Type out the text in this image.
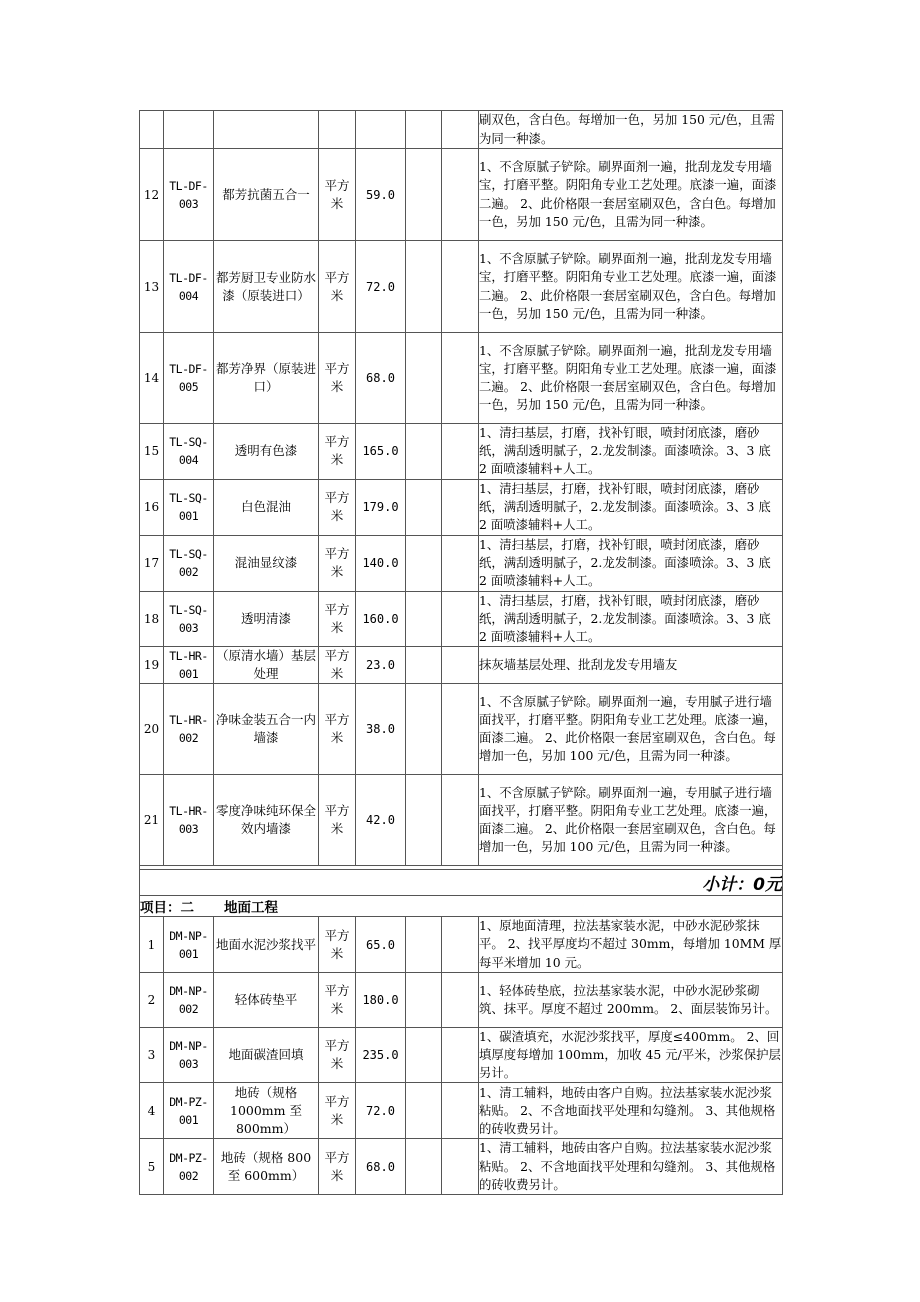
							刷双色，含白色。每增加一色，另加 150 元/色，且需为同一种漆。
12	TL-DF-003	都芳抗菌五合一	平方米	59.0			1、不含原腻子铲除。刷界面剂一遍，批刮龙发专用墙宝，打磨平整。阴阳角专业工艺处理。底漆一遍，面漆二遍。 2、此价格限一套居室刷双色，含白色。每增加一色，另加 150 元/色，且需为同一种漆。
13	TL-DF-004	都芳厨卫专业防水漆（原装进口）	平方米	72.0			1、不含原腻子铲除。刷界面剂一遍，批刮龙发专用墙宝，打磨平整。阴阳角专业工艺处理。底漆一遍，面漆二遍。 2、此价格限一套居室刷双色，含白色。每增加一色，另加 150 元/色，且需为同一种漆。
14	TL-DF-005	都芳净界（原装进口）	平方米	68.0			1、不含原腻子铲除。刷界面剂一遍，批刮龙发专用墙宝，打磨平整。阴阳角专业工艺处理。底漆一遍，面漆二遍。 2、此价格限一套居室刷双色，含白色。每增加一色，另加 150 元/色，且需为同一种漆。
15	TL-SQ-004	透明有色漆	平方米	165.0			1、清扫基层，打磨，找补钉眼，喷封闭底漆，磨砂纸，满刮透明腻子，2.龙发制漆。面漆喷涂。3、3 底 2 面喷漆辅料+人工。
16	TL-SQ-001	白色混油	平方米	179.0			1、清扫基层，打磨，找补钉眼，喷封闭底漆，磨砂纸，满刮透明腻子，2.龙发制漆。面漆喷涂。3、3 底 2 面喷漆辅料+人工。
17	TL-SQ-002	混油显纹漆	平方米	140.0			1、清扫基层，打磨，找补钉眼，喷封闭底漆，磨砂纸，满刮透明腻子，2.龙发制漆。面漆喷涂。3、3 底 2 面喷漆辅料+人工。
18	TL-SQ-003	透明清漆	平方米	160.0			1、清扫基层，打磨，找补钉眼，喷封闭底漆，磨砂纸，满刮透明腻子，2.龙发制漆。面漆喷涂。3、3 底 2 面喷漆辅料+人工。
19	TL-HR-001	（原清水墙）基层处理	平方米	23.0			抹灰墙基层处理、批刮龙发专用墙友
20	TL-HR-002	净味金装五合一内墙漆	平方米	38.0			1、不含原腻子铲除。刷界面剂一遍，专用腻子进行墙面找平，打磨平整。阴阳角专业工艺处理。底漆一遍，面漆二遍。 2、此价格限一套居室刷双色，含白色。每增加一色，另加 100 元/色，且需为同一种漆。
21	TL-HR-003	零度净味纯环保全效内墙漆	平方米	42.0			1、不含原腻子铲除。刷界面剂一遍，专用腻子进行墙面找平，打磨平整。阴阳角专业工艺处理。底漆一遍，面漆二遍。 2、此价格限一套居室刷双色，含白色。每增加一色，另加 100 元/色，且需为同一种漆。

小计：0元							
项目：二 地面工程							
1	DM-NP-001	地面水泥沙浆找平	平方米	65.0			1、原地面清理，拉法基家装水泥，中砂水泥砂浆抹平。 2、找平厚度均不超过 30mm，每增加 10MM 厚每平米增加 10 元。
2	DM-NP-002	轻体砖垫平	平方米	180.0			1、轻体砖垫底，拉法基家装水泥，中砂水泥砂浆砌筑、抹平。厚度不超过 200mm。 2、面层装饰另计。
3	DM-NP-003	地面碳渣回填	平方米	235.0			1、碳渣填充，水泥沙浆找平，厚度≤400mm。 2、回填厚度每增加 100mm，加收 45 元/平米，沙浆保护层另计。
4	DM-PZ-001	地砖（规格 1000mm 至 800mm）	平方米	72.0			1、清工辅料，地砖由客户自购。拉法基家装水泥沙浆粘贴。 2、不含地面找平处理和勾缝剂。 3、其他规格的砖收费另计。
5	DM-PZ-002	地砖（规格 800 至 600mm）	平方米	68.0			1、清工辅料，地砖由客户自购。拉法基家装水泥沙浆粘贴。 2、不含地面找平处理和勾缝剂。 3、其他规格的砖收费另计。
